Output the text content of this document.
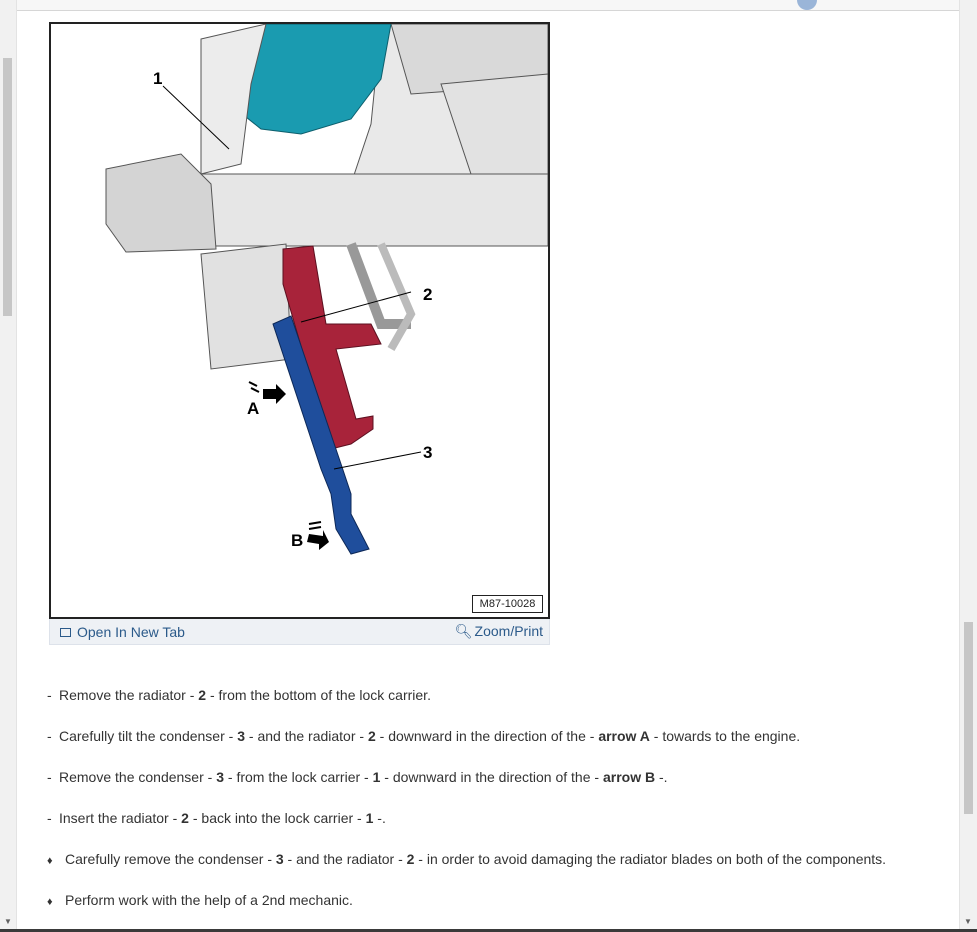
▼
1
2
3
A
B
M87-10028
Open In New Tab	🔍︎ Zoom/Print
- Remove the radiator - 2 - from the bottom of the lock carrier.
- Carefully tilt the condenser - 3 - and the radiator - 2 - downward in the direction of the - arrow A - towards to the engine.
- Remove the condenser - 3 - from the lock carrier - 1 - downward in the direction of the - arrow B -.
- Insert the radiator - 2 - back into the lock carrier - 1 -.
♦ Carefully remove the condenser - 3 - and the radiator - 2 - in order to avoid damaging the radiator blades on both of the components.
♦ Perform work with the help of a 2nd mechanic.
▼
